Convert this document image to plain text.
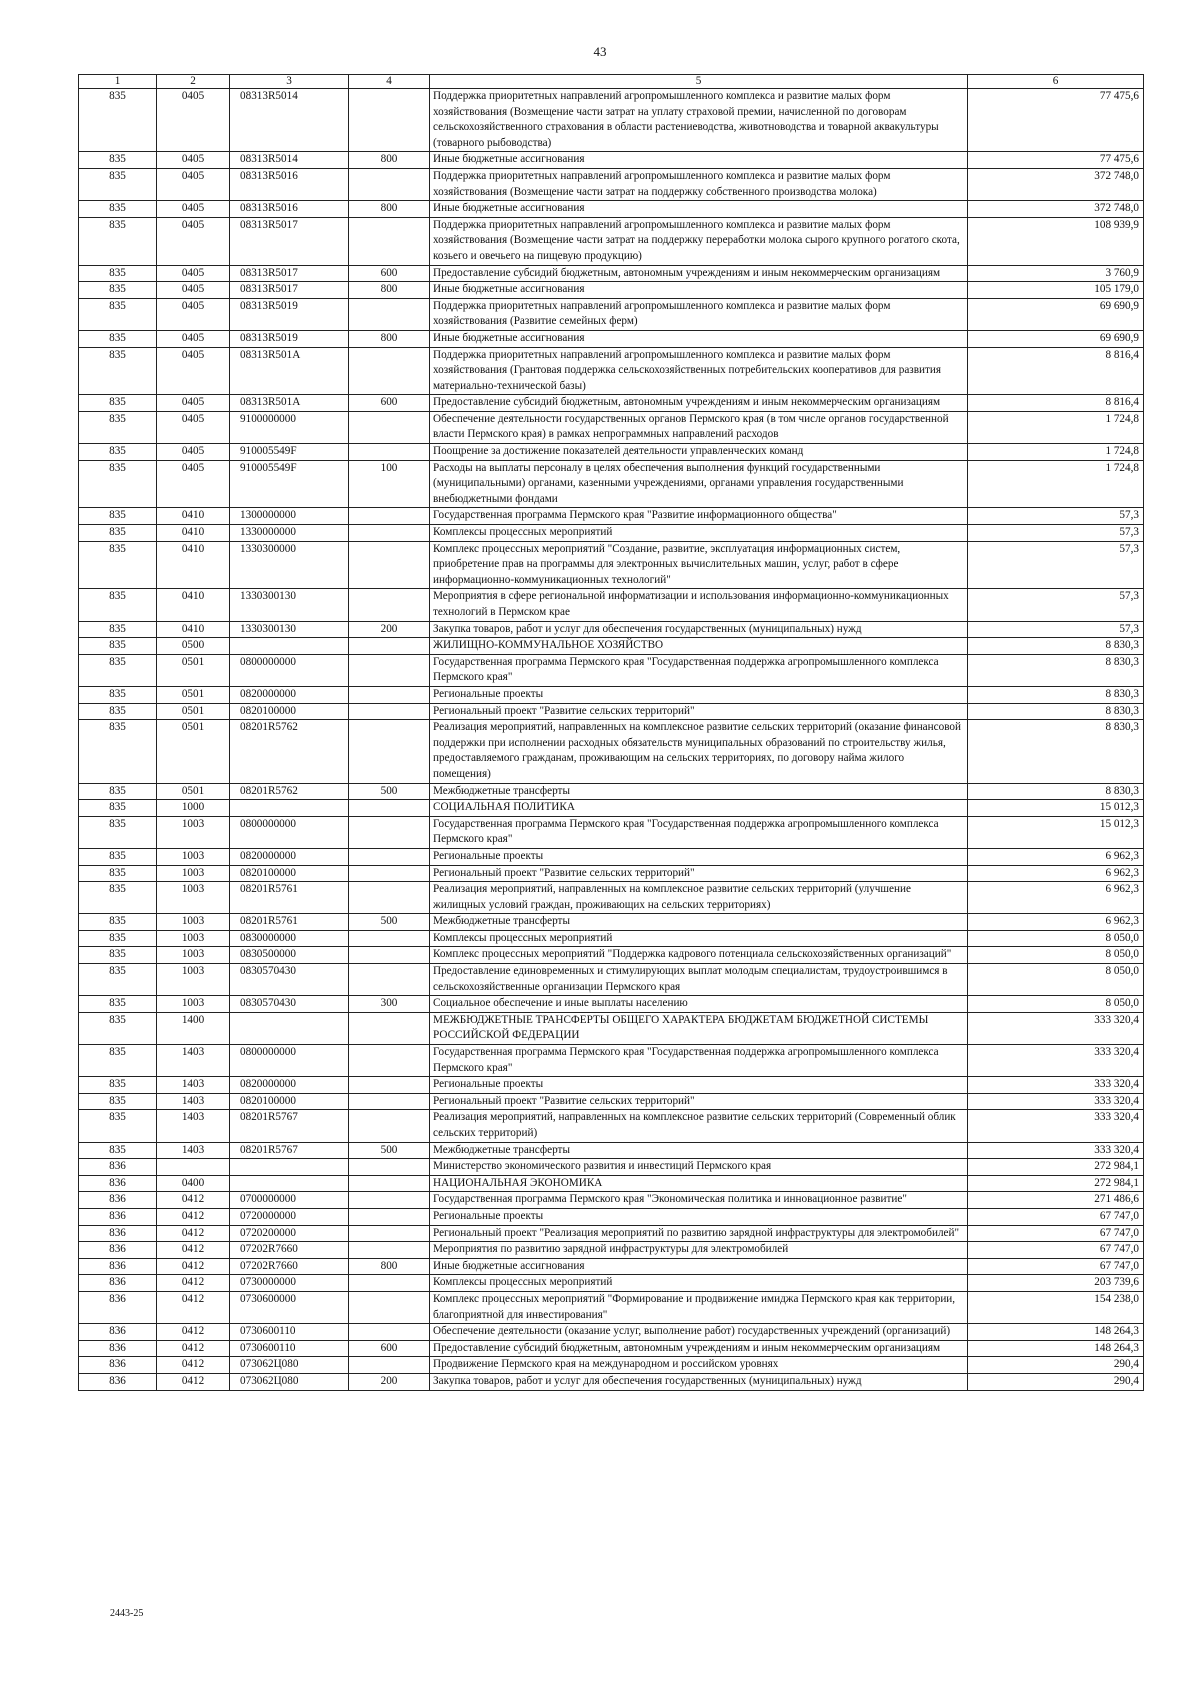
43
1	2	3	4	5	6
835	0405	08313R5014		Поддержка приоритетных направлений агропромышленного комплекса и развитие малых форм хозяйствования (Возмещение части затрат на уплату страховой премии, начисленной по договорам сельскохозяйственного страхования в области растениеводства, животноводства и товарной аквакультуры (товарного рыбоводства)	77 475,6
835	0405	08313R5014	800	Иные бюджетные ассигнования	77 475,6
835	0405	08313R5016		Поддержка приоритетных направлений агропромышленного комплекса и развитие малых форм хозяйствования (Возмещение части затрат на поддержку собственного производства молока)	372 748,0
835	0405	08313R5016	800	Иные бюджетные ассигнования	372 748,0
835	0405	08313R5017		Поддержка приоритетных направлений агропромышленного комплекса и развитие малых форм хозяйствования (Возмещение части затрат на поддержку переработки молока сырого крупного рогатого скота, козьего и овечьего на пищевую продукцию)	108 939,9
835	0405	08313R5017	600	Предоставление субсидий бюджетным, автономным учреждениям и иным некоммерческим организациям	3 760,9
835	0405	08313R5017	800	Иные бюджетные ассигнования	105 179,0
835	0405	08313R5019		Поддержка приоритетных направлений агропромышленного комплекса и развитие малых форм хозяйствования (Развитие семейных ферм)	69 690,9
835	0405	08313R5019	800	Иные бюджетные ассигнования	69 690,9
835	0405	08313R501A		Поддержка приоритетных направлений агропромышленного комплекса и развитие малых форм хозяйствования (Грантовая поддержка сельскохозяйственных потребительских кооперативов для развития материально-технической базы)	8 816,4
835	0405	08313R501A	600	Предоставление субсидий бюджетным, автономным учреждениям и иным некоммерческим организациям	8 816,4
835	0405	9100000000		Обеспечение деятельности государственных органов Пермского края (в том числе органов государственной власти Пермского края) в рамках непрограммных направлений расходов	1 724,8
835	0405	910005549F		Поощрение за достижение показателей деятельности управленческих команд	1 724,8
835	0405	910005549F	100	Расходы на выплаты персоналу в целях обеспечения выполнения функций государственными (муниципальными) органами, казенными учреждениями, органами управления государственными внебюджетными фондами	1 724,8
835	0410	1300000000		Государственная программа Пермского края "Развитие информационного общества"	57,3
835	0410	1330000000		Комплексы процессных мероприятий	57,3
835	0410	1330300000		Комплекс процессных мероприятий "Создание, развитие, эксплуатация информационных систем, приобретение прав на программы для электронных вычислительных машин, услуг, работ в сфере информационно-коммуникационных технологий"	57,3
835	0410	1330300130		Мероприятия в сфере региональной информатизации и использования информационно-коммуникационных технологий в Пермском крае	57,3
835	0410	1330300130	200	Закупка товаров, работ и услуг для обеспечения государственных (муниципальных) нужд	57,3
835	0500			ЖИЛИЩНО-КОММУНАЛЬНОЕ ХОЗЯЙСТВО	8 830,3
835	0501	0800000000		Государственная программа Пермского края "Государственная поддержка агропромышленного комплекса Пермского края"	8 830,3
835	0501	0820000000		Региональные проекты	8 830,3
835	0501	0820100000		Региональный проект "Развитие сельских территорий"	8 830,3
835	0501	08201R5762		Реализация мероприятий, направленных на комплексное развитие сельских территорий (оказание финансовой поддержки при исполнении расходных обязательств муниципальных образований по строительству жилья, предоставляемого гражданам, проживающим на сельских территориях, по договору найма жилого помещения)	8 830,3
835	0501	08201R5762	500	Межбюджетные трансферты	8 830,3
835	1000			СОЦИАЛЬНАЯ ПОЛИТИКА	15 012,3
835	1003	0800000000		Государственная программа Пермского края "Государственная поддержка агропромышленного комплекса Пермского края"	15 012,3
835	1003	0820000000		Региональные проекты	6 962,3
835	1003	0820100000		Региональный проект "Развитие сельских территорий"	6 962,3
835	1003	08201R5761		Реализация мероприятий, направленных на комплексное развитие сельских территорий (улучшение жилищных условий граждан, проживающих на сельских территориях)	6 962,3
835	1003	08201R5761	500	Межбюджетные трансферты	6 962,3
835	1003	0830000000		Комплексы процессных мероприятий	8 050,0
835	1003	0830500000		Комплекс процессных мероприятий "Поддержка кадрового потенциала сельскохозяйственных организаций"	8 050,0
835	1003	0830570430		Предоставление единовременных и стимулирующих выплат молодым специалистам, трудоустроившимся в сельскохозяйственные организации Пермского края	8 050,0
835	1003	0830570430	300	Социальное обеспечение и иные выплаты населению	8 050,0
835	1400			МЕЖБЮДЖЕТНЫЕ ТРАНСФЕРТЫ ОБЩЕГО ХАРАКТЕРА БЮДЖЕТАМ БЮДЖЕТНОЙ СИСТЕМЫ РОССИЙСКОЙ ФЕДЕРАЦИИ	333 320,4
835	1403	0800000000		Государственная программа Пермского края "Государственная поддержка агропромышленного комплекса Пермского края"	333 320,4
835	1403	0820000000		Региональные проекты	333 320,4
835	1403	0820100000		Региональный проект "Развитие сельских территорий"	333 320,4
835	1403	08201R5767		Реализация мероприятий, направленных на комплексное развитие сельских территорий (Современный облик сельских территорий)	333 320,4
835	1403	08201R5767	500	Межбюджетные трансферты	333 320,4
836				Министерство экономического развития и инвестиций Пермского края	272 984,1
836	0400			НАЦИОНАЛЬНАЯ ЭКОНОМИКА	272 984,1
836	0412	0700000000		Государственная программа Пермского края "Экономическая политика и инновационное развитие"	271 486,6
836	0412	0720000000		Региональные проекты	67 747,0
836	0412	0720200000		Региональный проект "Реализация мероприятий по развитию зарядной инфраструктуры для электромобилей"	67 747,0
836	0412	07202R7660		Мероприятия по развитию зарядной инфраструктуры для электромобилей	67 747,0
836	0412	07202R7660	800	Иные бюджетные ассигнования	67 747,0
836	0412	0730000000		Комплексы процессных мероприятий	203 739,6
836	0412	0730600000		Комплекс процессных мероприятий "Формирование и продвижение имиджа Пермского края как территории, благоприятной для инвестирования"	154 238,0
836	0412	0730600110		Обеспечение деятельности (оказание услуг, выполнение работ) государственных учреждений (организаций)	148 264,3
836	0412	0730600110	600	Предоставление субсидий бюджетным, автономным учреждениям и иным некоммерческим организациям	148 264,3
836	0412	073062Ц080		Продвижение Пермского края на международном и российском уровнях	290,4
836	0412	073062Ц080	200	Закупка товаров, работ и услуг для обеспечения государственных (муниципальных) нужд	290,4
2443-25
